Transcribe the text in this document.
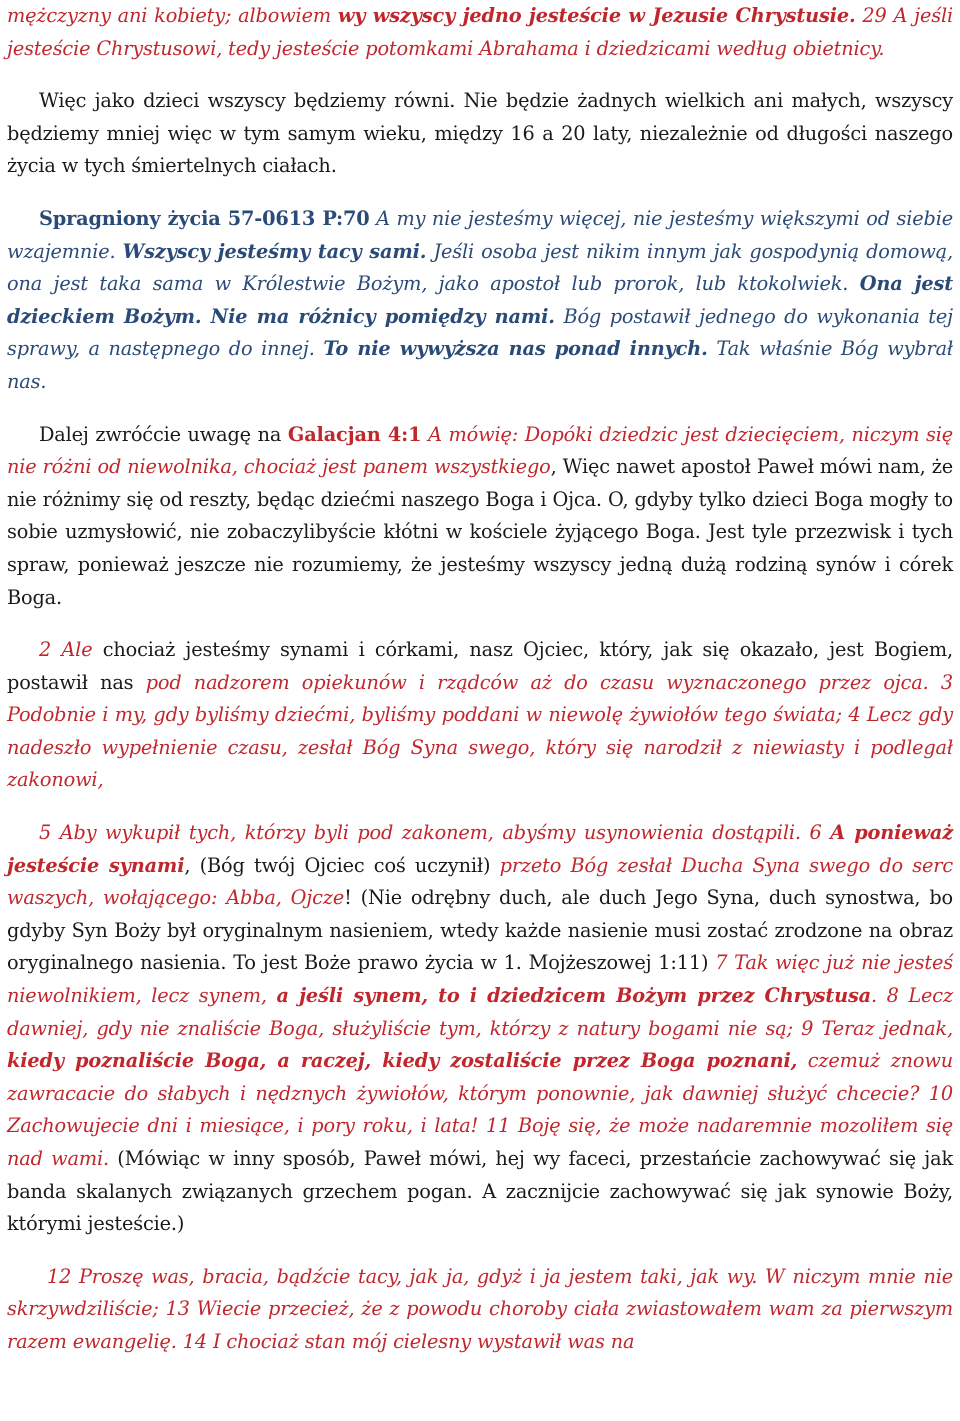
mężczyzny ani kobiety; albowiem wy wszyscy jedno jesteście w Jezusie Chrystusie. 29 A jeśli jesteście Chrystusowi, tedy jesteście potomkami Abrahama i dziedzicami według obietnicy.

Więc jako dzieci wszyscy będziemy równi. Nie będzie żadnych wielkich ani małych, wszyscy będziemy mniej więc w tym samym wieku, między 16 a 20 laty, niezależnie od długości naszego życia w tych śmiertelnych ciałach.

Spragniony życia 57-0613 P:70 A my nie jesteśmy więcej, nie jesteśmy większymi od siebie wzajemnie. Wszyscy jesteśmy tacy sami. Jeśli osoba jest nikim innym jak gospodynią domową, ona jest taka sama w Królestwie Bożym, jako apostoł lub prorok, lub ktokolwiek. Ona jest dzieckiem Bożym. Nie ma różnicy pomiędzy nami. Bóg postawił jednego do wykonania tej sprawy, a następnego do innej. To nie wywyższa nas ponad innych. Tak właśnie Bóg wybrał nas.

Dalej zwróćcie uwagę na Galacjan 4:1 A mówię: Dopóki dziedzic jest dziecięciem, niczym się nie różni od niewolnika, chociaż jest panem wszystkiego, Więc nawet apostoł Paweł mówi nam, że nie różnimy się od reszty, będąc dziećmi naszego Boga i Ojca. O, gdyby tylko dzieci Boga mogły to sobie uzmysłowić, nie zobaczylibyście kłótni w kościele żyjącego Boga. Jest tyle przezwisk i tych spraw, ponieważ jeszcze nie rozumiemy, że jesteśmy wszyscy jedną dużą rodziną synów i córek Boga.

2 Ale chociaż jesteśmy synami i córkami, nasz Ojciec, który, jak się okazało, jest Bogiem, postawił nas pod nadzorem opiekunów i rządców aż do czasu wyznaczonego przez ojca. 3 Podobnie i my, gdy byliśmy dziećmi, byliśmy poddani w niewolę żywiołów tego świata; 4 Lecz gdy nadeszło wypełnienie czasu, zesłał Bóg Syna swego, który się narodził z niewiasty i podlegał zakonowi,

5 Aby wykupił tych, którzy byli pod zakonem, abyśmy usynowienia dostąpili. 6 A ponieważ jesteście synami, (Bóg twój Ojciec coś uczynił) przeto Bóg zesłał Ducha Syna swego do serc waszych, wołającego: Abba, Ojcze! (Nie odrębny duch, ale duch Jego Syna, duch synostwa, bo gdyby Syn Boży był oryginalnym nasieniem, wtedy każde nasienie musi zostać zrodzone na obraz oryginalnego nasienia. To jest Boże prawo życia w 1. Mojżeszowej 1:11) 7 Tak więc już nie jesteś niewolnikiem, lecz synem, a jeśli synem, to i dziedzicem Bożym przez Chrystusa. 8 Lecz dawniej, gdy nie znaliście Boga, służyliście tym, którzy z natury bogami nie są; 9 Teraz jednak, kiedy poznaliście Boga, a raczej, kiedy zostaliście przez Boga poznani, czemuż znowu zawracacie do słabych i nędznych żywiołów, którym ponownie, jak dawniej służyć chcecie? 10 Zachowujecie dni i miesiące, i pory roku, i lata! 11 Boję się, że może nadaremnie mozoliłem się nad wami. (Mówiąc w inny sposób, Paweł mówi, hej wy faceci, przestańcie zachowywać się jak banda skalanych związanych grzechem pogan. A zacznijcie zachowywać się jak synowie Boży, którymi jesteście.)

12 Proszę was, bracia, bądźcie tacy, jak ja, gdyż i ja jestem taki, jak wy. W niczym mnie nie skrzywdziliście; 13 Wiecie przecież, że z powodu choroby ciała zwiastowałem wam za pierwszym razem ewangelię. 14 I chociaż stan mój cielesny wystawił was na
